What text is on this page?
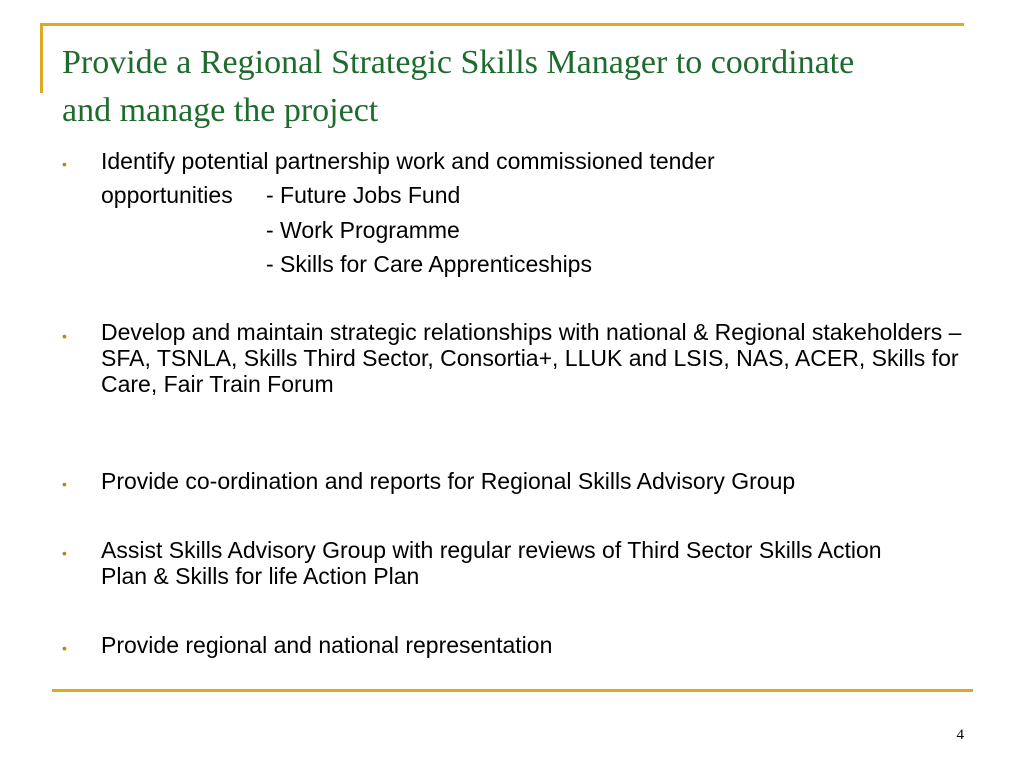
Provide a Regional Strategic Skills Manager to coordinate
and manage the project
• Identify potential partnership work and commissioned tender
opportunities - Future Jobs Fund
- Work Programme
- Skills for Care Apprenticeships
• Develop and maintain strategic relationships with national & Regional stakeholders – SFA, TSNLA, Skills Third Sector, Consortia+, LLUK and LSIS, NAS, ACER, Skills for Care, Fair Train Forum
• Provide co-ordination and reports for Regional Skills Advisory Group
• Assist Skills Advisory Group with regular reviews of Third Sector Skills Action Plan & Skills for life Action Plan
• Provide regional and national representation
4
